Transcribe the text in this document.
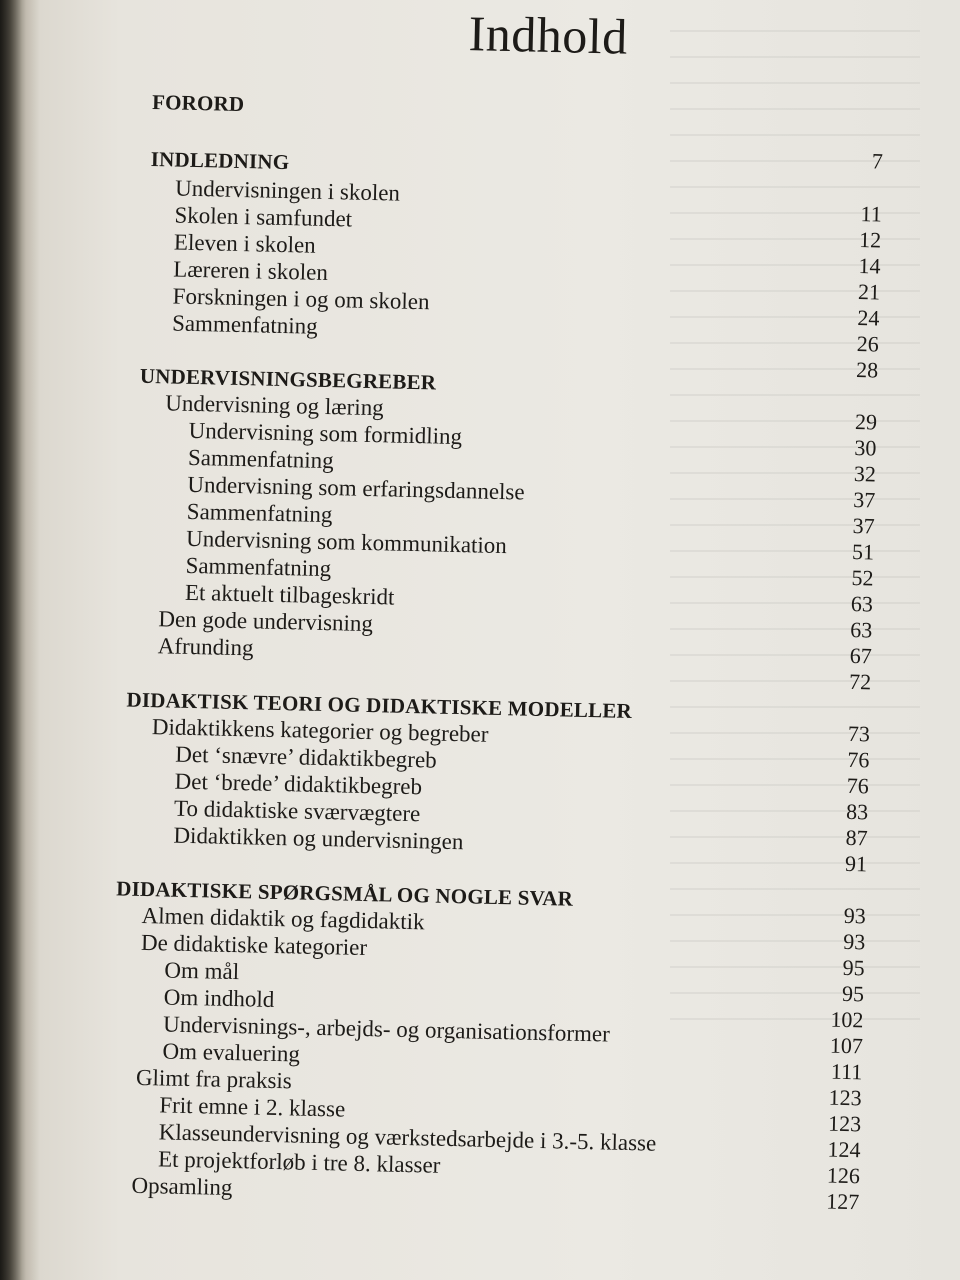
Indhold
FORORD
INDLEDNING
Undervisningen i skolen
Skolen i samfundet
Eleven i skolen
Læreren i skolen
Forskningen i og om skolen
Sammenfatning
UNDERVISNINGSBEGREBER
Undervisning og læring
Undervisning som formidling
Sammenfatning
Undervisning som erfaringsdannelse
Sammenfatning
Undervisning som kommunikation
Sammenfatning
Et aktuelt tilbageskridt
Den gode undervisning
Afrunding
DIDAKTISK TEORI OG DIDAKTISKE MODELLER
Didaktikkens kategorier og begreber
Det ‘snævre’ didaktikbegreb
Det ‘brede’ didaktikbegreb
To didaktiske sværvægtere
Didaktikken og undervisningen
DIDAKTISKE SPØRGSMÅL OG NOGLE SVAR
Almen didaktik og fagdidaktik
De didaktiske kategorier
Om mål
Om indhold
Undervisnings-, arbejds- og organisationsformer
Om evaluering
Glimt fra praksis
Frit emne i 2. klasse
Klasseundervisning og værkstedsarbejde i 3.-5. klasse
Et projektforløb i tre 8. klasser
Opsamling
7
11
12
14
21
24
26
28
29
30
32
37
37
51
52
63
63
67
72
73
76
76
83
87
91
93
93
95
95
102
107
111
123
123
124
126
127
